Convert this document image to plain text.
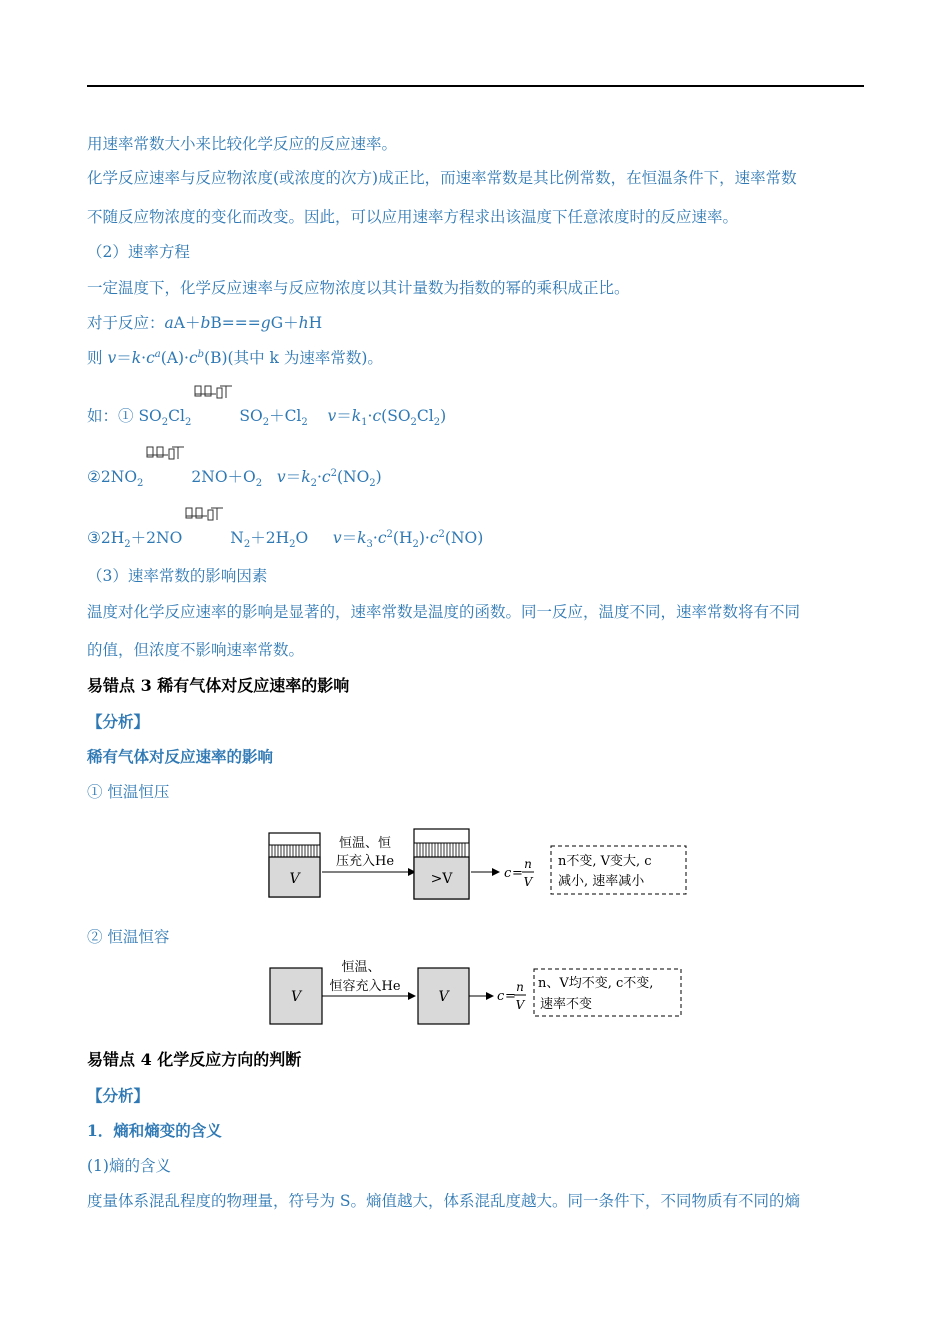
用速率常数大小来比较化学反应的反应速率。
化学反应速率与反应物浓度(或浓度的次方)成正比，而速率常数是其比例常数，在恒温条件下，速率常数
不随反应物浓度的变化而改变。因此，可以应用速率方程求出该温度下任意浓度时的反应速率。
（2）速率方程
一定温度下，化学反应速率与反应物浓度以其计量数为指数的幂的乘积成正比。
对于反应：aA＋bB===gG＋hH
则 $v=k\cdot c^a(A)\cdot c^b(B)$(其中 k 为速率常数)。
如：① $SO_2Cl_2$	$SO_2+Cl_2$ $v=k_1\cdot c(SO_2Cl_2)$
$②2NO_2$	$2NO+O_2$ $v=k_2\cdot c^2(NO_2)$
$③2H_2+2NO$	$N_2+2H_2O$     $v=k_3\cdot c^2(H_2)\cdot c^2(NO)$
（3）速率常数的影响因素
温度对化学反应速率的影响是显著的，速率常数是温度的函数。同一反应，温度不同，速率常数将有不同
的值，但浓度不影响速率常数。
易错点 3 稀有气体对反应速率的影响
【分析】
稀有气体对反应速率的影响
① 恒温恒压
V
恒温、恒
压充入He
>V	c =
n
V
n不变, V变大, c
减小, 速率减小
② 恒温恒容
V
恒温、
恒容充入He
V	c =
n
V
n、V均不变, c不变,
速率不变
易错点 4 化学反应方向的判断
【分析】
1．熵和熵变的含义
(1)熵的含义
度量体系混乱程度的物理量，符号为 S。熵值越大，体系混乱度越大。同一条件下，不同物质有不同的熵
